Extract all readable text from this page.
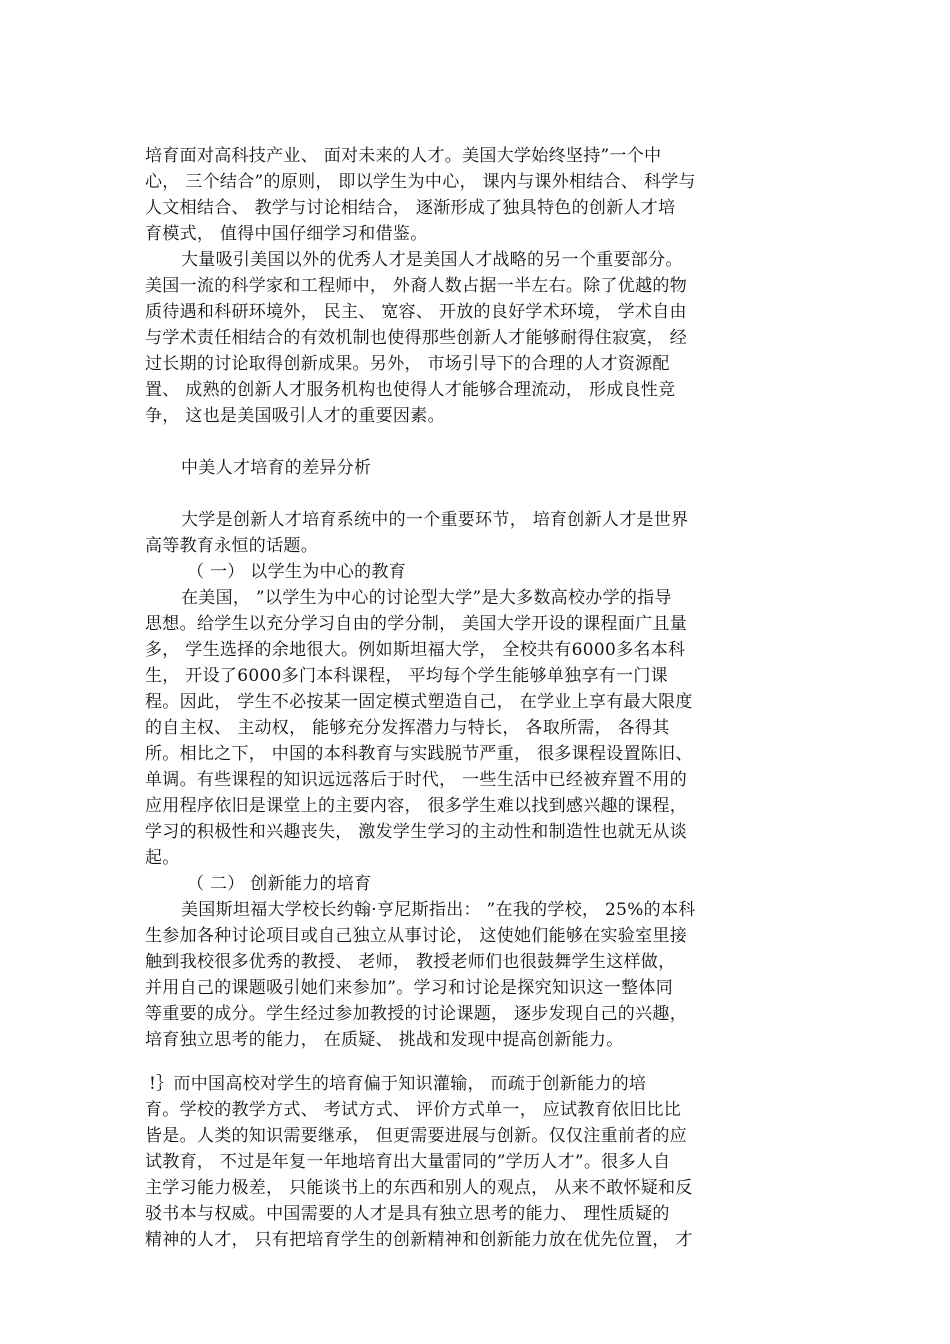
培育面对高科技产业、 面对未来的人才。美国大学始终坚持”一个中
心， 三个结合”的原则， 即以学生为中心， 课内与课外相结合、 科学与
人文相结合、 教学与讨论相结合， 逐渐形成了独具特色的创新人才培
育模式， 值得中国仔细学习和借鉴。
大量吸引美国以外的优秀人才是美国人才战略的另一个重要部分。
美国一流的科学家和工程师中， 外裔人数占据一半左右。除了优越的物
质待遇和科研环境外， 民主、 宽容、 开放的良好学术环境， 学术自由
与学术责任相结合的有效机制也使得那些创新人才能够耐得住寂寞， 经
过长期的讨论取得创新成果。另外， 市场引导下的合理的人才资源配
置、 成熟的创新人才服务机构也使得人才能够合理流动， 形成良性竞
争， 这也是美国吸引人才的重要因素。
中美人才培育的差异分析
大学是创新人才培育系统中的一个重要环节， 培育创新人才是世界
高等教育永恒的话题。
（ 一） 以学生为中心的教育
在美国， ”以学生为中心的讨论型大学”是大多数高校办学的指导
思想。给学生以充分学习自由的学分制， 美国大学开设的课程面广且量
多， 学生选择的余地很大。例如斯坦福大学， 全校共有6000多名本科
生， 开设了6000多门本科课程， 平均每个学生能够单独享有一门课
程。因此， 学生不必按某一固定模式塑造自己， 在学业上享有最大限度
的自主权、 主动权， 能够充分发挥潜力与特长， 各取所需， 各得其
所。相比之下， 中国的本科教育与实践脱节严重， 很多课程设置陈旧、
单调。有些课程的知识远远落后于时代， 一些生活中已经被弃置不用的
应用程序依旧是课堂上的主要内容， 很多学生难以找到感兴趣的课程，
学习的积极性和兴趣丧失， 激发学生学习的主动性和制造性也就无从谈
起。
（ 二） 创新能力的培育
美国斯坦福大学校长约翰·亨尼斯指出： ”在我的学校， 25%的本科
生参加各种讨论项目或自己独立从事讨论， 这使她们能够在实验室里接
触到我校很多优秀的教授、 老师， 教授老师们也很鼓舞学生这样做，
并用自己的课题吸引她们来参加”。学习和讨论是探究知识这一整体同
等重要的成分。学生经过参加教授的讨论课题， 逐步发现自己的兴趣，
培育独立思考的能力， 在质疑、 挑战和发现中提高创新能力。
!｝而中国高校对学生的培育偏于知识灌输， 而疏于创新能力的培
育。学校的教学方式、 考试方式、 评价方式单一， 应试教育依旧比比
皆是。人类的知识需要继承， 但更需要进展与创新。仅仅注重前者的应
试教育， 不过是年复一年地培育出大量雷同的”学历人才”。很多人自
主学习能力极差， 只能谈书上的东西和别人的观点， 从来不敢怀疑和反
驳书本与权威。中国需要的人才是具有独立思考的能力、 理性质疑的
精神的人才， 只有把培育学生的创新精神和创新能力放在优先位置， 才
